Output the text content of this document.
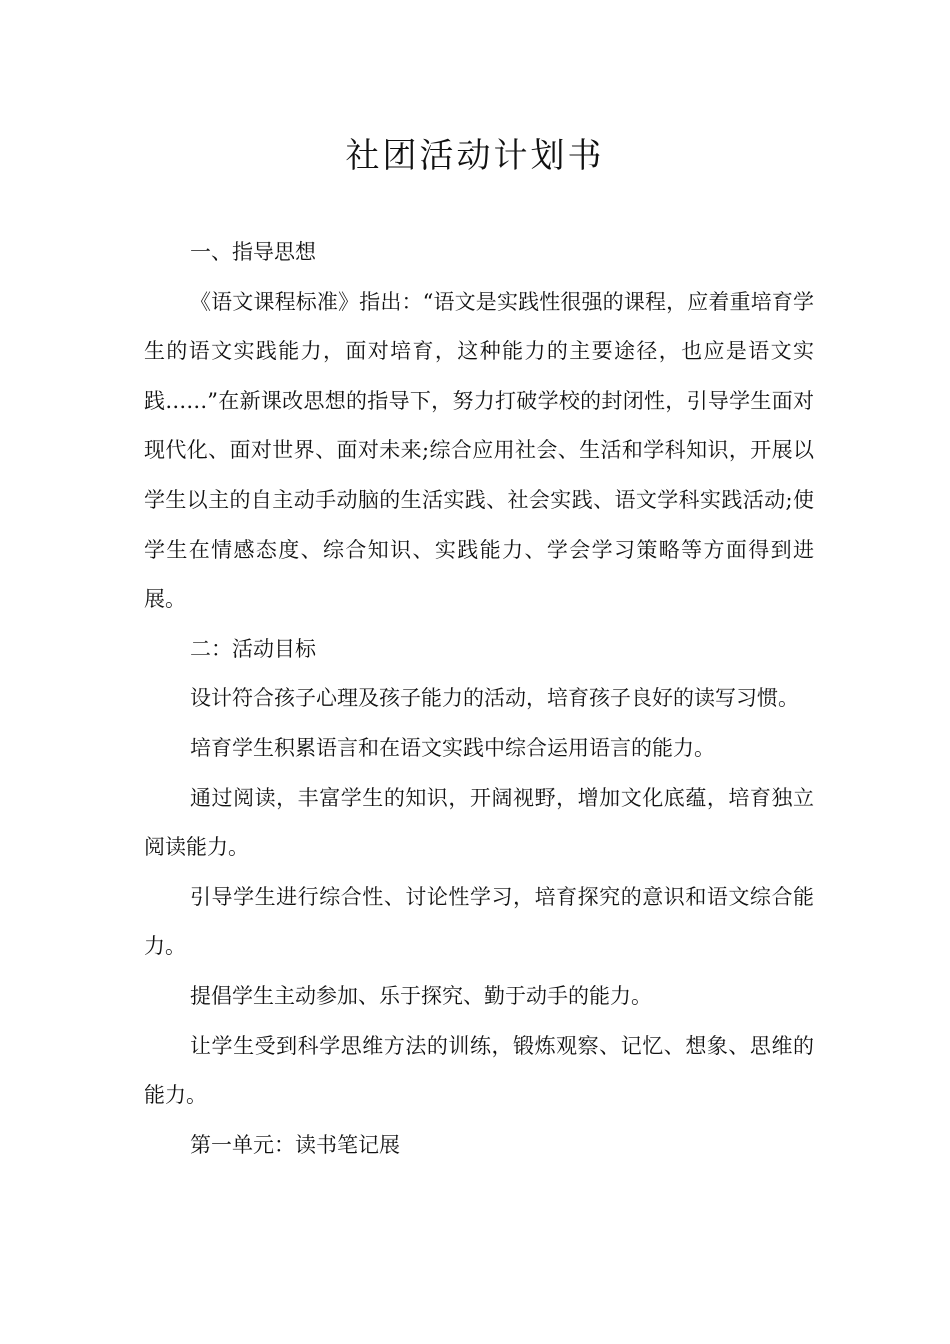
社团活动计划书

一、指导思想

《语文课程标准》指出：“语文是实践性很强的课程，应着重培育学生的语文实践能力，面对培育，这种能力的主要途径，也应是语文实践……”在新课改思想的指导下，努力打破学校的封闭性，引导学生面对现代化、面对世界、面对未来;综合应用社会、生活和学科知识，开展以学生以主的自主动手动脑的生活实践、社会实践、语文学科实践活动;使学生在情感态度、综合知识、实践能力、学会学习策略等方面得到进展。

二：活动目标

设计符合孩子心理及孩子能力的活动，培育孩子良好的读写习惯。

培育学生积累语言和在语文实践中综合运用语言的能力。

通过阅读，丰富学生的知识，开阔视野，增加文化底蕴，培育独立阅读能力。

引导学生进行综合性、讨论性学习，培育探究的意识和语文综合能力。

提倡学生主动参加、乐于探究、勤于动手的能力。

让学生受到科学思维方法的训练，锻炼观察、记忆、想象、思维的能力。

第一单元：读书笔记展
